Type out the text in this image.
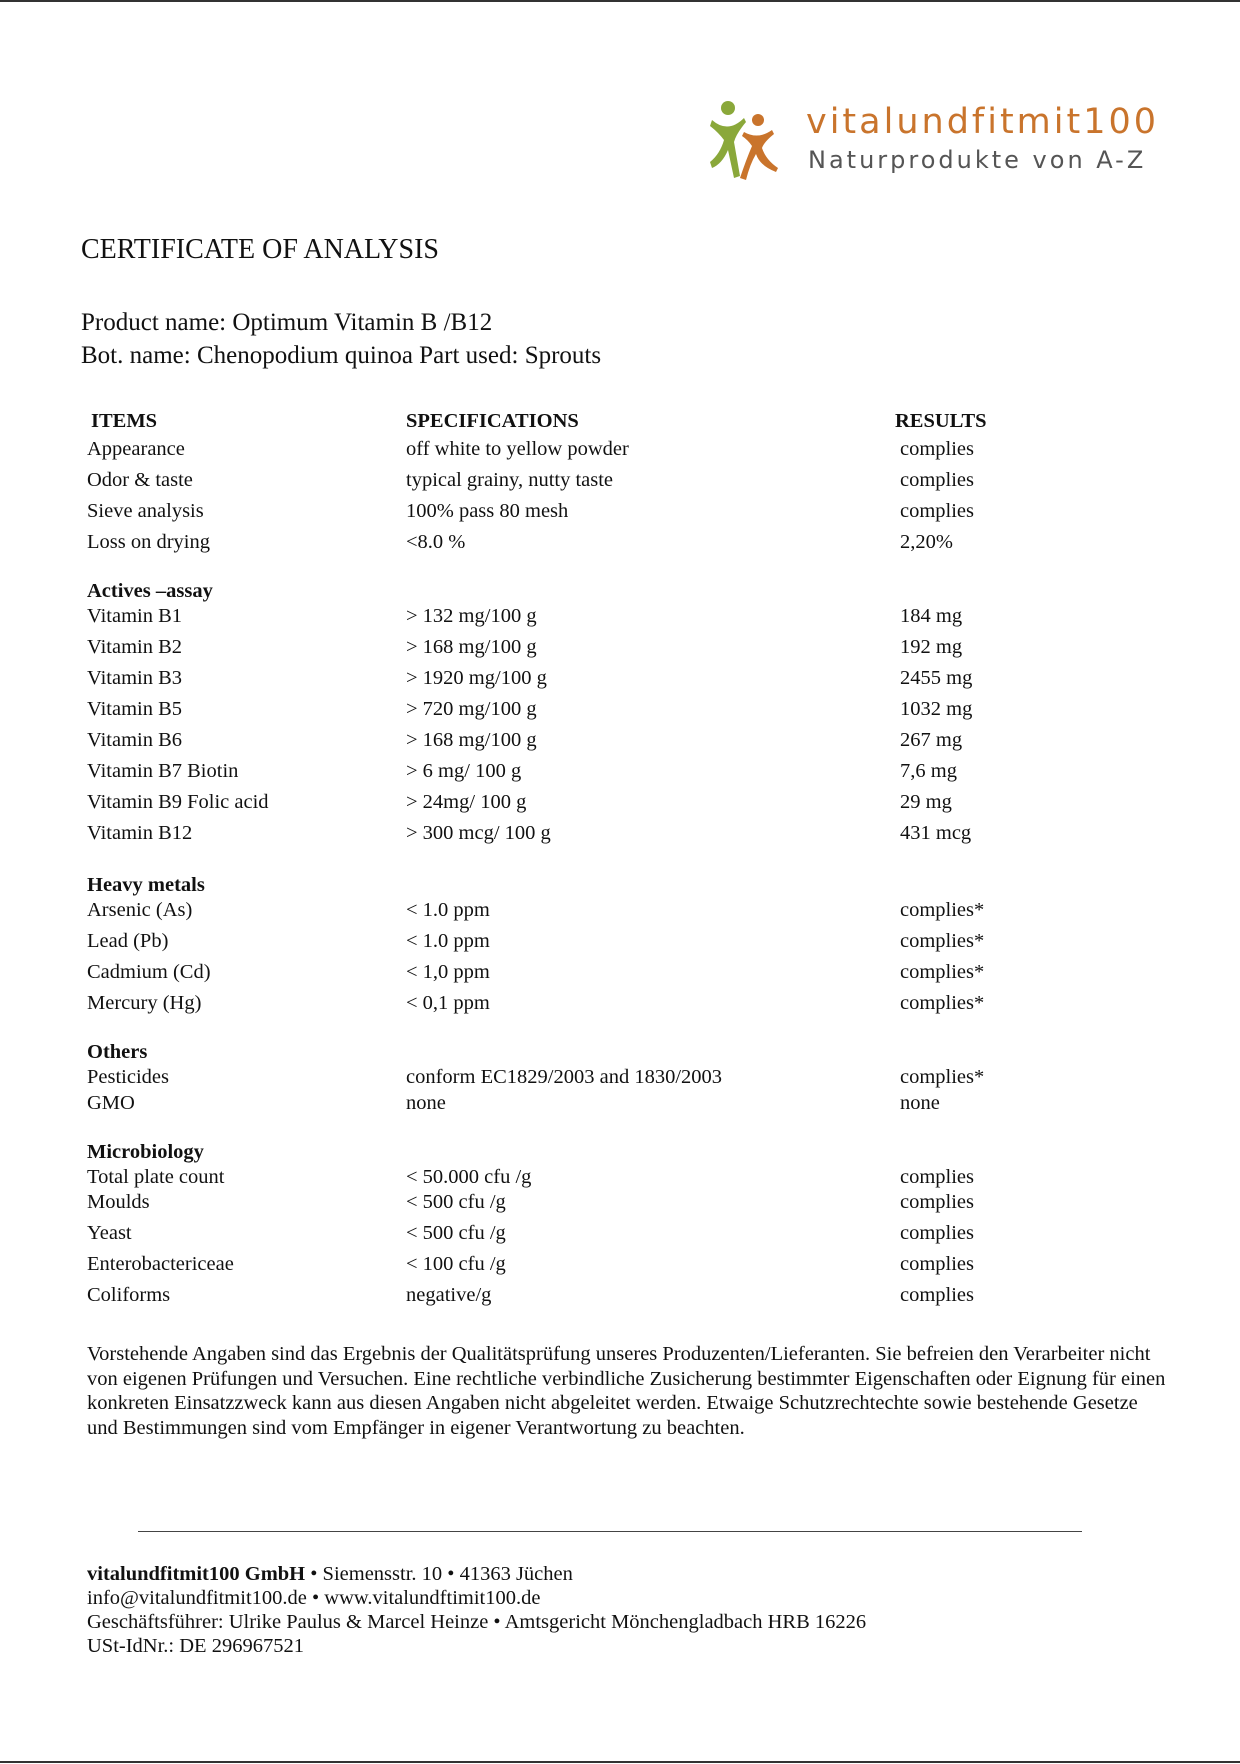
vitalundfitmit100
Naturprodukte von A-Z
CERTIFICATE OF ANALYSIS
Product name: Optimum Vitamin B /B12
Bot. name: Chenopodium quinoa Part used: Sprouts
ITEMS	SPECIFICATIONS	RESULTS
Appearance	off white to yellow powder	complies
Odor & taste	typical grainy, nutty taste	complies
Sieve analysis	100% pass 80 mesh	complies
Loss on drying	<8.0 %	2,20%
Actives –assay
Vitamin B1	> 132 mg/100 g	184 mg
Vitamin B2	> 168 mg/100 g	192 mg
Vitamin B3	> 1920 mg/100 g	2455 mg
Vitamin B5	> 720 mg/100 g	1032 mg
Vitamin B6	> 168 mg/100 g	267 mg
Vitamin B7 Biotin	> 6 mg/ 100 g	7,6 mg
Vitamin B9 Folic acid	> 24mg/ 100 g	29 mg
Vitamin B12	> 300 mcg/ 100 g	431 mcg
Heavy metals
Arsenic (As)	< 1.0 ppm	complies*
Lead (Pb)	< 1.0 ppm	complies*
Cadmium (Cd)	< 1,0 ppm	complies*
Mercury (Hg)	< 0,1 ppm	complies*
Others
Pesticides	conform EC1829/2003 and 1830/2003	complies*
GMO	none	none
Microbiology
Total plate count	< 50.000 cfu /g	complies
Moulds	< 500 cfu /g	complies
Yeast	< 500 cfu /g	complies
Enterobactericeae	< 100 cfu /g	complies
Coliforms	negative/g	complies
Vorstehende Angaben sind das Ergebnis der Qualitätsprüfung unseres Produzenten/Lieferanten. Sie befreien den Verarbeiter nicht von eigenen Prüfungen und Versuchen. Eine rechtliche verbindliche Zusicherung bestimmter Eigenschaften oder Eignung für einen konkreten Einsatzzweck kann aus diesen Angaben nicht abgeleitet werden. Etwaige Schutzrechtechte sowie bestehende Gesetze und Bestimmungen sind vom Empfänger in eigener Verantwortung zu beachten.
vitalundfitmit100 GmbH • Siemensstr. 10 • 41363 Jüchen
info@vitalundfitmit100.de • www.vitalundftimit100.de
Geschäftsführer: Ulrike Paulus & Marcel Heinze • Amtsgericht Mönchengladbach HRB 16226
USt-IdNr.: DE 296967521
